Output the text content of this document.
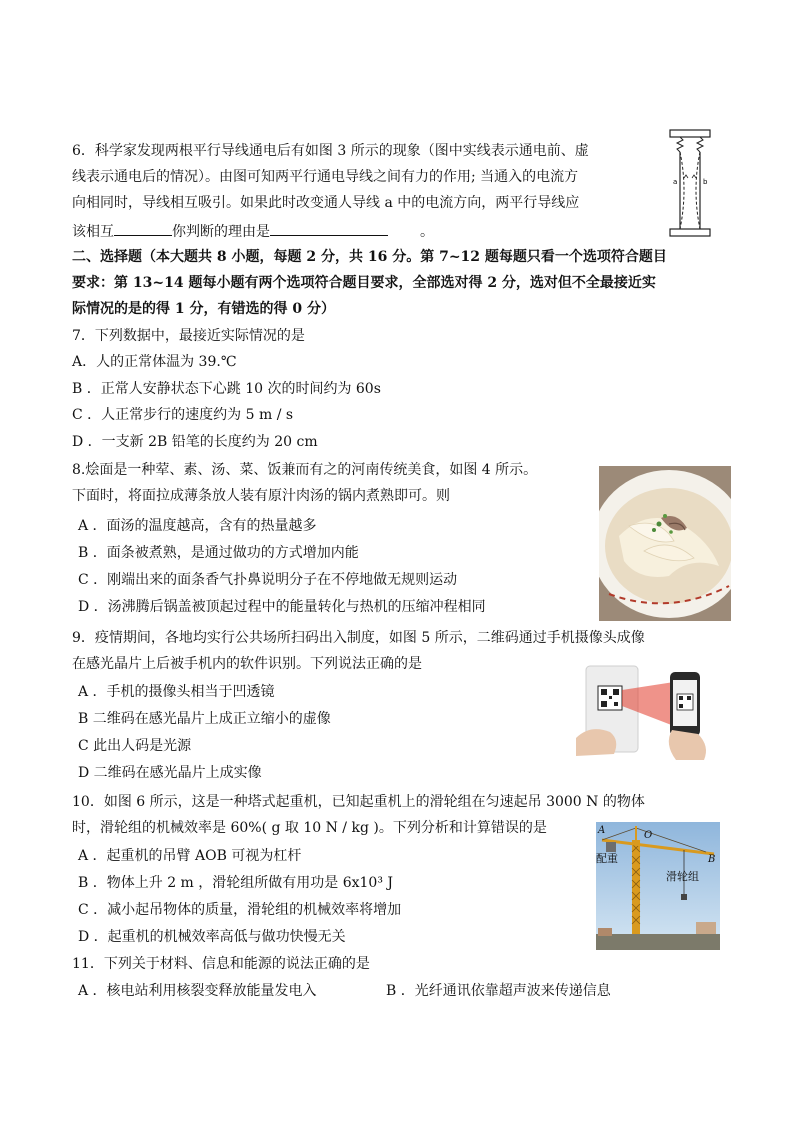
6．科学家发现两根平行导线通电后有如图 3 所示的现象（图中实线表示通电前、虚
线表示通电后的情况）。由图可知两平行通电导线之间有力的作用; 当通入的电流方
向相同时，导线相互吸引。如果此时改变通人导线 a 中的电流方向，两平行导线应
该相互	你判断的理由是	。
a	b
二、选择题（本大题共 8 小题，每题 2 分，共 16 分。第 7~12 题每题只看一个选项符合题目
要求：第 13~14 题每小题有两个选项符合题目要求，全部选对得 2 分，选对但不全最接近实
际情况的是的得 1 分，有错选的得 0 分）
7．下列数据中，最接近实际情况的是
A．人的正常体温为 39.℃
B ．正常人安静状态下心跳 10 次的时间约为 60s
C ．人正常步行的速度约为 5 m / s
D ．一支新 2B 铅笔的长度约为 20 cm
8.烩面是一种荤、素、汤、菜、饭兼而有之的河南传统美食，如图 4 所示。
下面时，将面拉成薄条放人装有原汁肉汤的锅内煮熟即可。则
A ．面汤的温度越高，含有的热量越多
B ．面条被煮熟，是通过做功的方式增加内能
C ．刚端出来的面条香气扑鼻说明分子在不停地做无规则运动
D ．汤沸腾后锅盖被顶起过程中的能量转化与热机的压缩冲程相同
9．疫情期间，各地均实行公共场所扫码出入制度，如图 5 所示，二维码通过手机摄像头成像
在感光晶片上后被手机内的软件识别。下列说法正确的是
A ．手机的摄像头相当于凹透镜
B 二维码在感光晶片上成正立缩小的虚像
C 此出人码是光源
D 二维码在感光晶片上成实像
10．如图 6 所示，这是一种塔式起重机，已知起重机上的滑轮组在匀速起吊 3000 N 的物体
时，滑轮组的机械效率是 60%( g 取 10 N / kg )。下列分析和计算错误的是
A ．起重机的吊臂 AOB 可视为杠杆
B ．物体上升 2 m ，滑轮组所做有用功是 6x10³ J
C ．减小起吊物体的质量，滑轮组的机械效率将增加
D ．起重机的机械效率高低与做功快慢无关
A	O
B
配重
滑轮组
11．下列关于材料、信息和能源的说法正确的是
A ．核电站利用核裂变释放能量发电入	B ．光纤通讯依靠超声波来传递信息
